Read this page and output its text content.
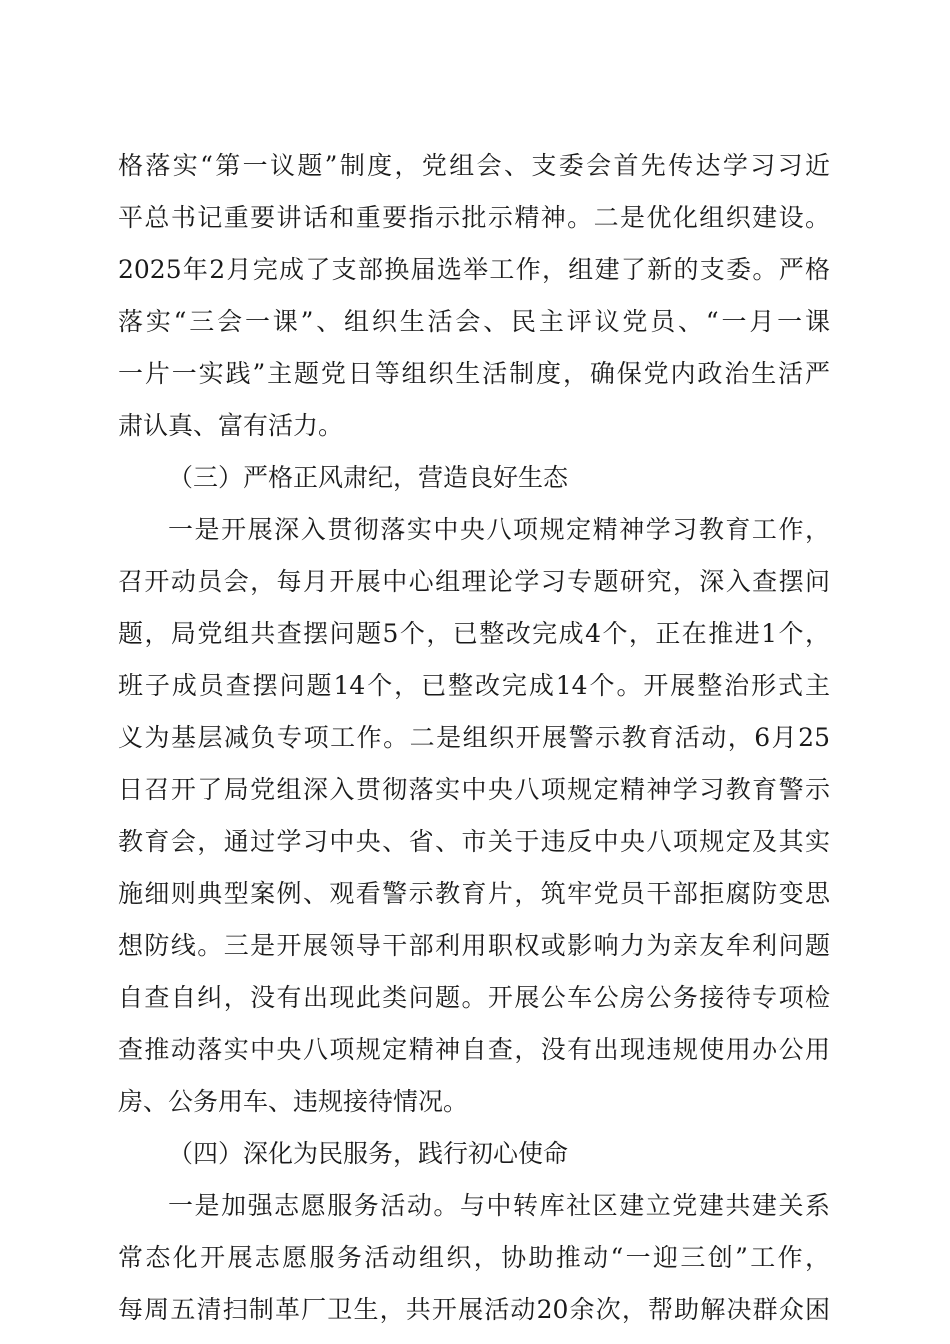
格落实“第一议题”制度，党组会、支委会首先传达学习习近
平总书记重要讲话和重要指示批示精神。二是优化组织建设。
2025年2月完成了支部换届选举工作，组建了新的支委。严格
落实“三会一课”、组织生活会、民主评议党员、“一月一课
一片一实践”主题党日等组织生活制度，确保党内政治生活严
肃认真、富有活力。
（三）严格正风肃纪，营造良好生态
一是开展深入贯彻落实中央八项规定精神学习教育工作，
召开动员会，每月开展中心组理论学习专题研究，深入查摆问
题，局党组共查摆问题5个，已整改完成4个，正在推进1个，
班子成员查摆问题14个，已整改完成14个。开展整治形式主
义为基层减负专项工作。二是组织开展警示教育活动，6月25
日召开了局党组深入贯彻落实中央八项规定精神学习教育警示
教育会，通过学习中央、省、市关于违反中央八项规定及其实
施细则典型案例、观看警示教育片，筑牢党员干部拒腐防变思
想防线。三是开展领导干部利用职权或影响力为亲友牟利问题
自查自纠，没有出现此类问题。开展公车公房公务接待专项检
查推动落实中央八项规定精神自查，没有出现违规使用办公用
房、公务用车、违规接待情况。
（四）深化为民服务，践行初心使命
一是加强志愿服务活动。与中转库社区建立党建共建关系
常态化开展志愿服务活动组织，协助推动“一迎三创”工作，
每周五清扫制革厂卫生，共开展活动20余次，帮助解决群众困
